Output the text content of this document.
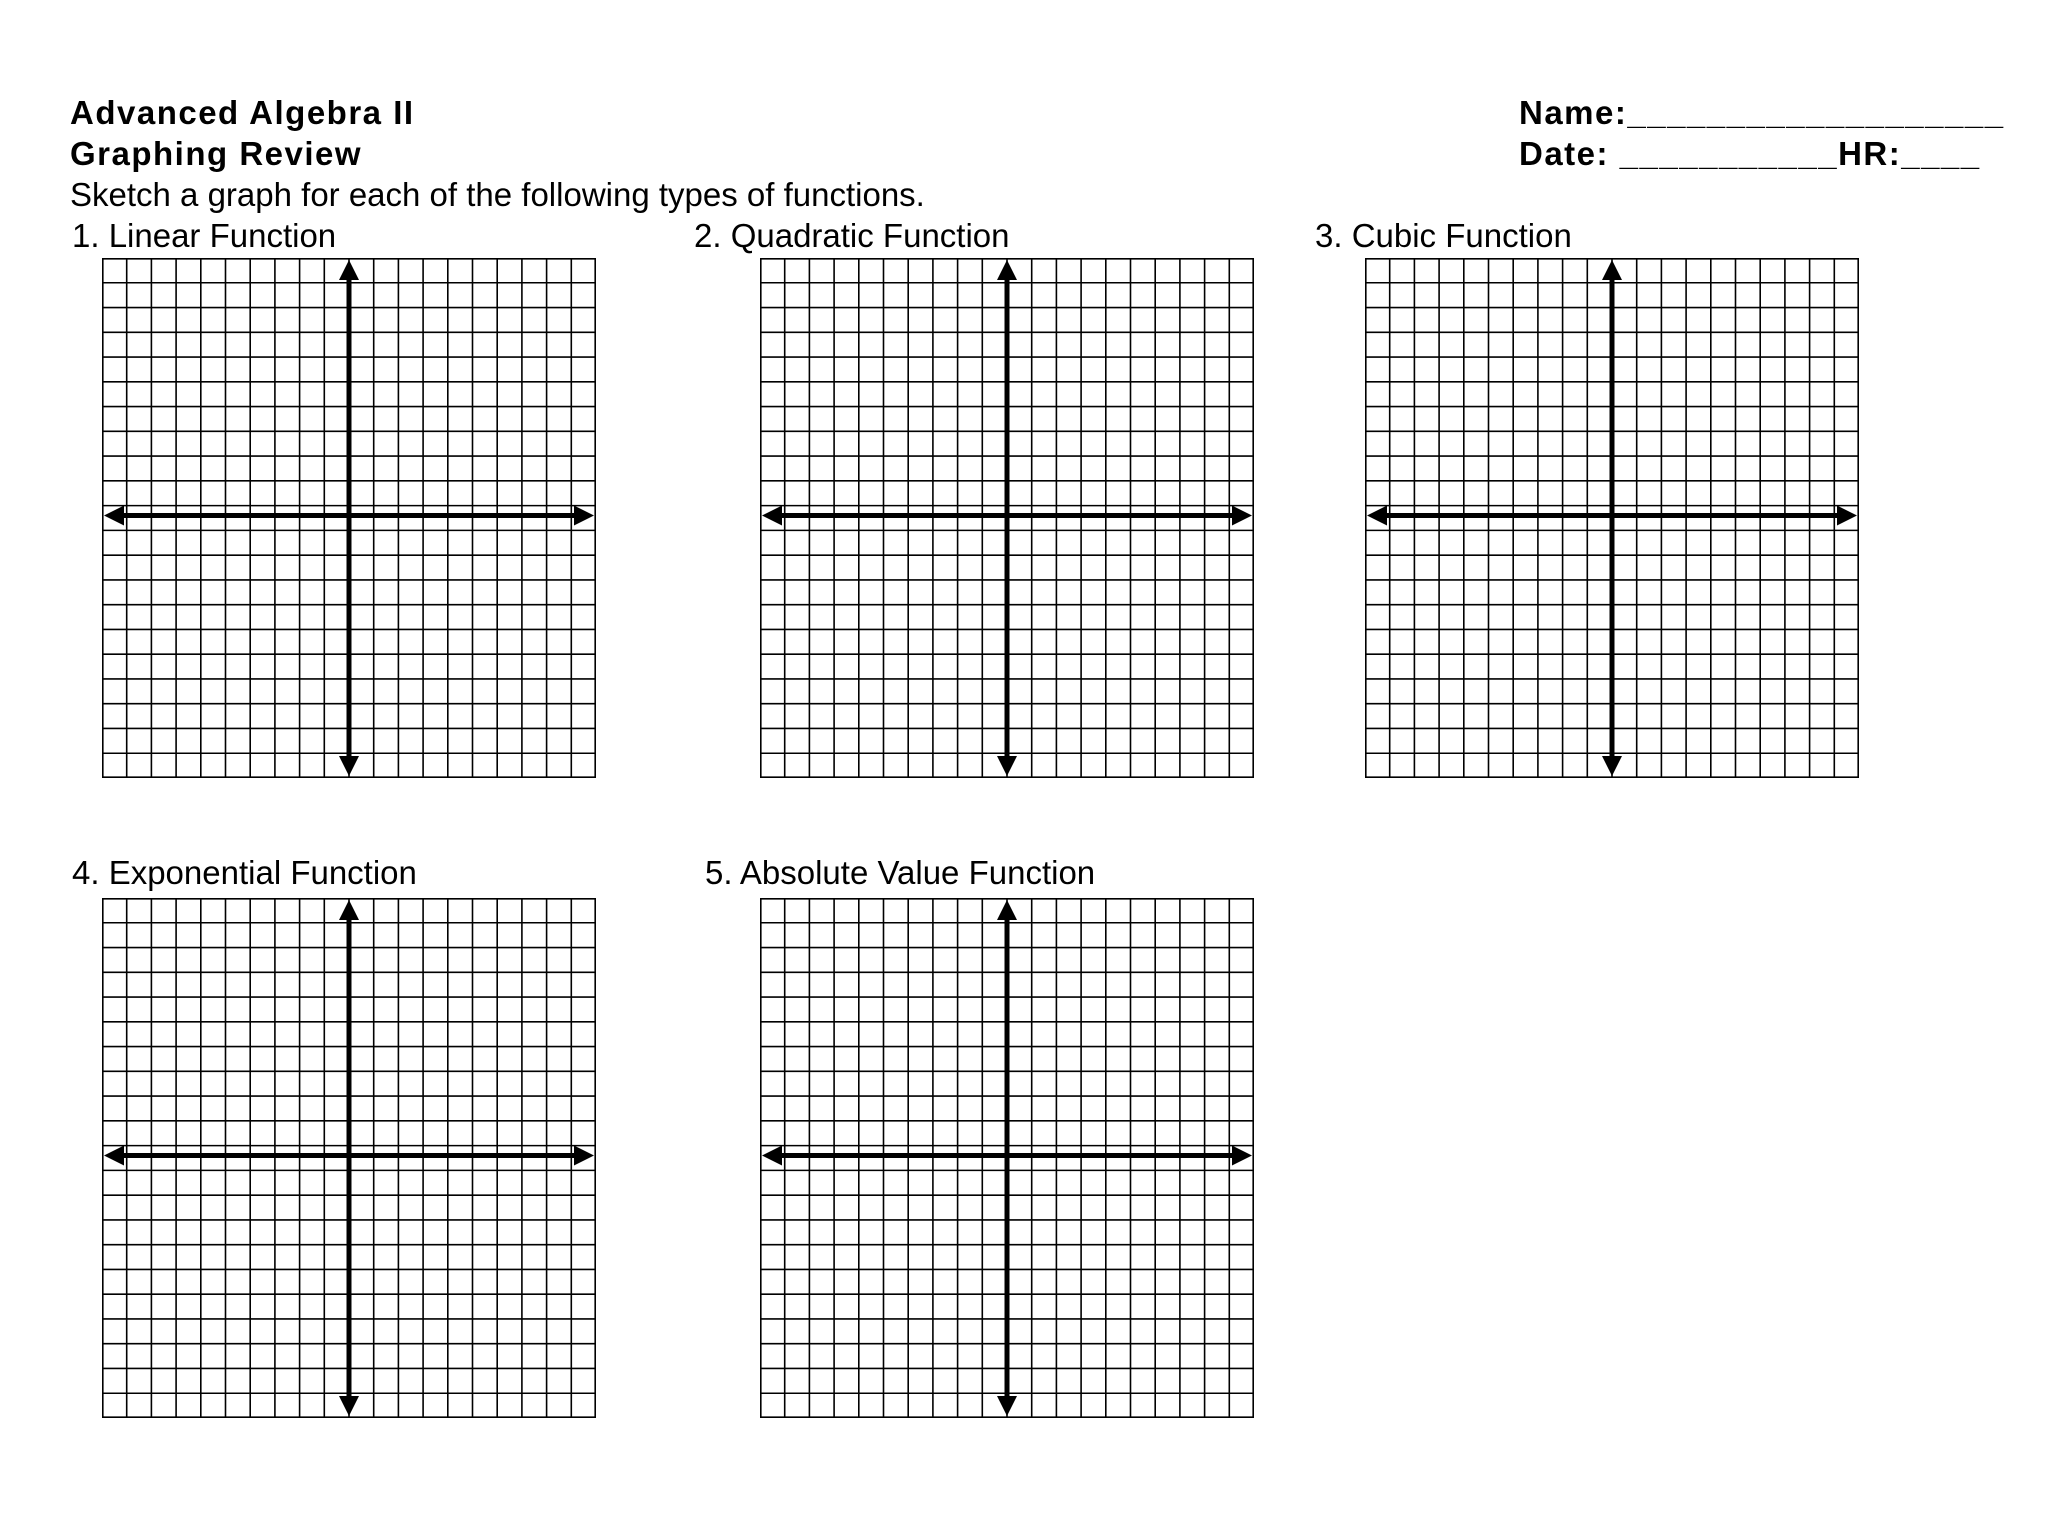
Advanced Algebra II
Graphing Review
Name:___________________
Date: ___________HR:____
Sketch a graph for each of the following types of functions.
1. Linear Function	2. Quadratic Function	3. Cubic Function
4. Exponential Function	5. Absolute Value Function
